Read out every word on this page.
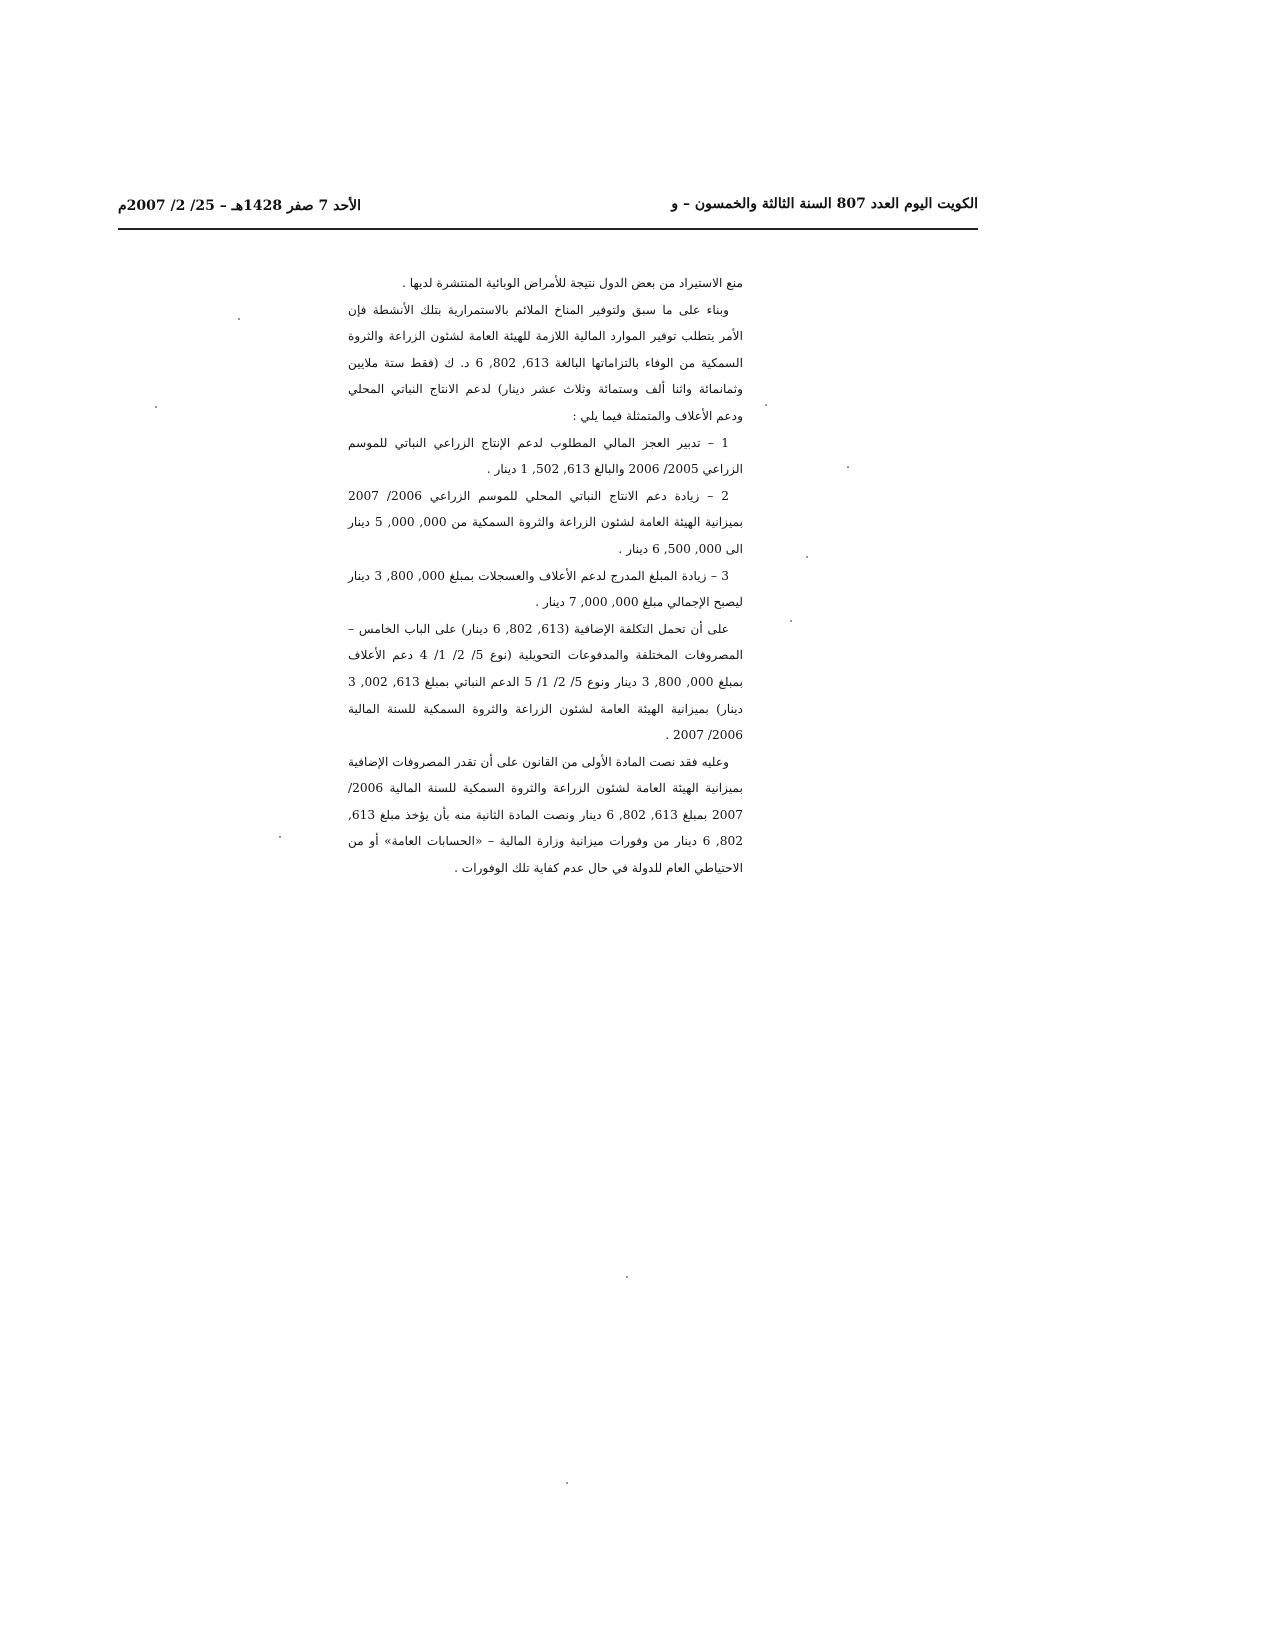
الكويت اليوم العدد 807 السنة الثالثة والخمسون – و
الأحد 7 صفر 1428هـ – 25/ 2/ 2007م

منع الاستيراد من بعض الدول نتيجة للأمراض الوبائية المنتشرة لديها .

وبناء على ما سبق ولتوفير المناخ الملائم بالاستمرارية بتلك الأنشطة فإن الأمر يتطلب توفير الموارد المالية اللازمة للهيئة العامة لشئون الزراعة والثروة السمكية من الوفاء بالتزاماتها البالغة 613, 802, 6 د. ك (فقط ستة ملايين وثمانمائة واثنا ألف وستمائة وثلاث عشر دينار) لدعم الانتاج النباتي المحلي ودعم الأعلاف والمتمثلة فيما يلي :

1 – تدبير العجز المالي المطلوب لدعم الإنتاج الزراعي النباتي للموسم الزراعي 2005/ 2006 والبالغ 613, 502, 1 دينار .

2 – زيادة دعم الانتاج النباتي المحلي للموسم الزراعي 2006/ 2007 بميزانية الهيئة العامة لشئون الزراعة والثروة السمكية من 000, 000, 5 دينار الى 000, 500, 6 دينار .

3 – زيادة المبلغ المدرج لدعم الأعلاف والعسجلات بمبلغ 000, 800, 3 دينار ليصبح الإجمالي مبلغ 000, 000, 7 دينار .

على أن تحمل التكلفة الإضافية (613, 802, 6 دينار) على الباب الخامس – المصروفات المختلفة والمدفوعات التحويلية (نوع 5/ 2/ 1/ 4 دعم الأعلاف بمبلغ 000, 800, 3 دينار ونوع 5/ 2/ 1/ 5 الدعم النباتي بمبلغ 613, 002, 3 دينار) بميزانية الهيئة العامة لشئون الزراعة والثروة السمكية للسنة المالية 2006/ 2007 .

وعليه فقد نصت المادة الأولى من القانون على أن تقدر المصروفات الإضافية بميزانية الهيئة العامة لشئون الزراعة والثروة السمكية للسنة المالية 2006/ 2007 بمبلغ 613, 802, 6 دينار ونصت المادة الثانية منه بأن يؤخذ مبلغ 613, 802, 6 دينار من وفورات ميزانية وزارة المالية – «الحسابات العامة» أو من الاحتياطي العام للدولة في حال عدم كفاية تلك الوفورات .
